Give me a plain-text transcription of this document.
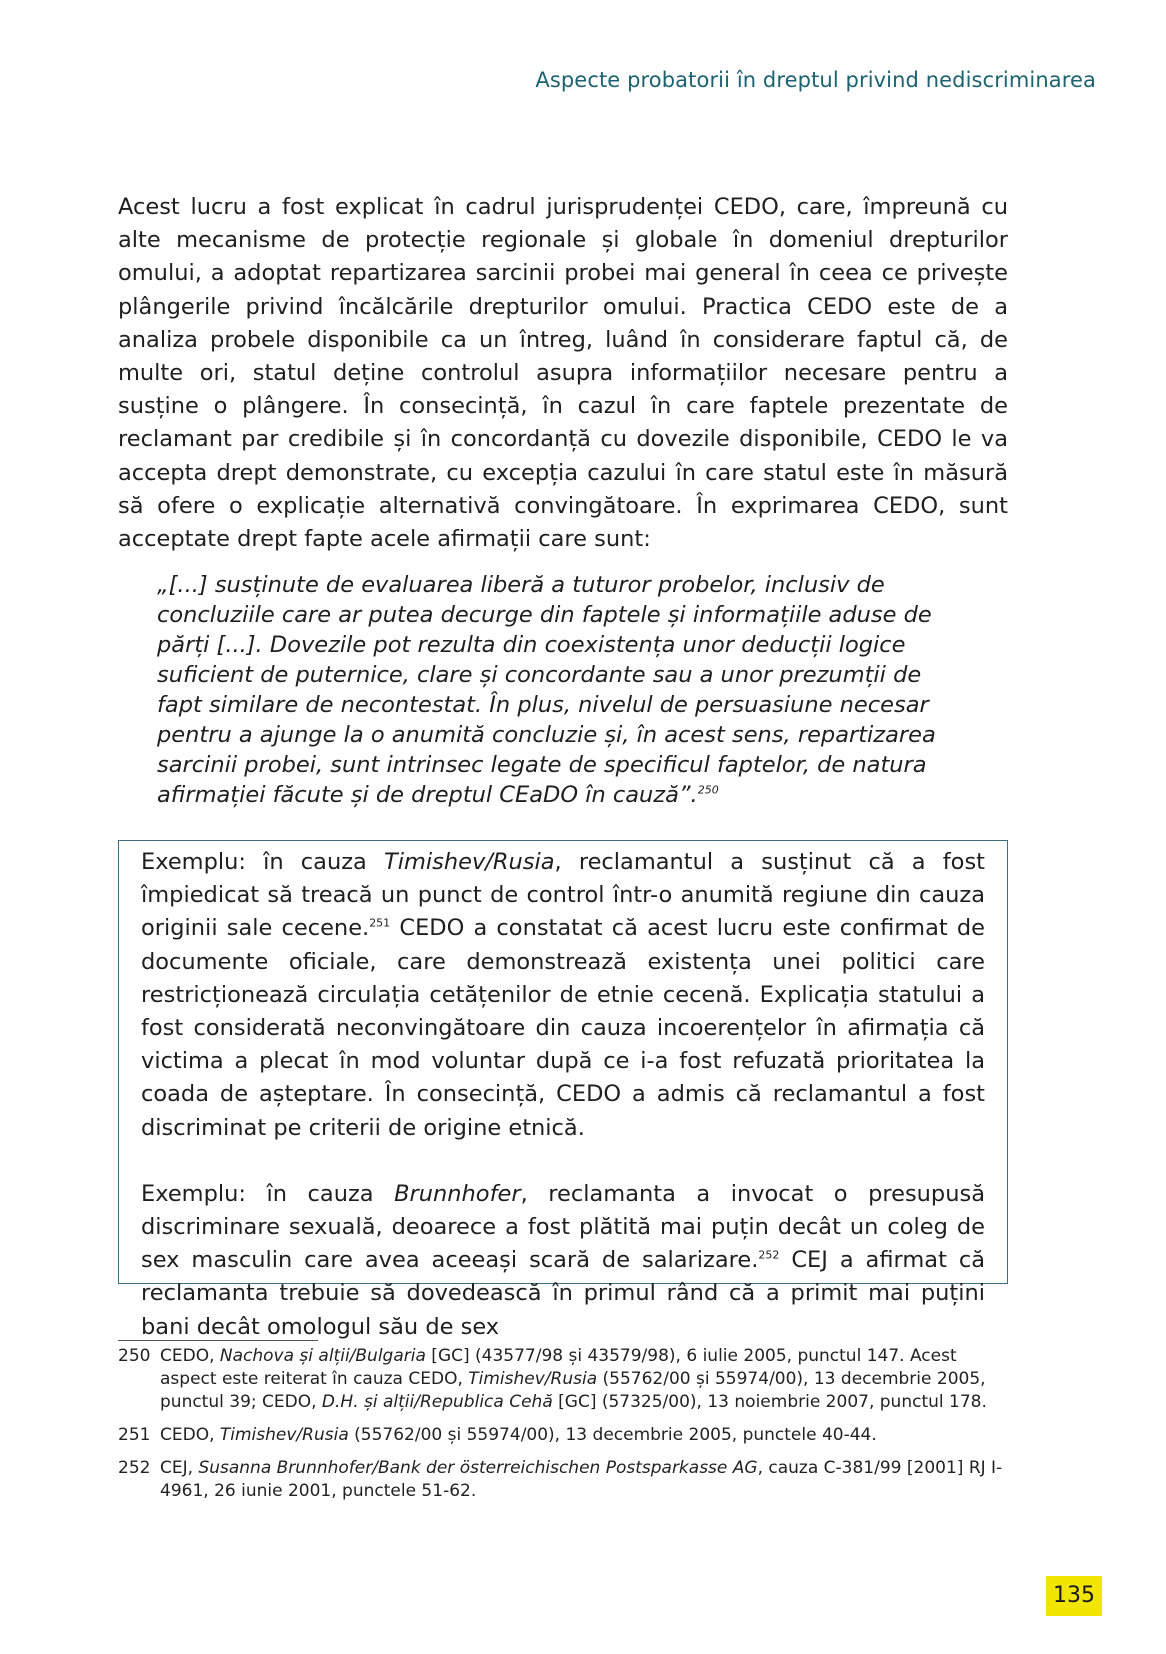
Aspecte probatorii în dreptul privind nediscriminarea

Acest lucru a fost explicat în cadrul jurisprudenței CEDO, care, împreună cu alte mecanisme de protecție regionale și globale în domeniul drepturilor omului, a adoptat repartizarea sarcinii probei mai general în ceea ce privește plângerile privind încălcările drepturilor omului. Practica CEDO este de a analiza probele disponibile ca un întreg, luând în considerare faptul că, de multe ori, statul deține controlul asupra informațiilor necesare pentru a susține o plângere. În consecință, în cazul în care faptele prezentate de reclamant par credibile și în concordanță cu dovezile disponibile, CEDO le va accepta drept demonstrate, cu excepția cazului în care statul este în măsură să ofere o explicație alternativă convingătoare. În exprimarea CEDO, sunt acceptate drept fapte acele afirmații care sunt:

„[...] susținute de evaluarea liberă a tuturor probelor, inclusiv de concluziile care ar putea decurge din faptele și informațiile aduse de părți [...]. Dovezile pot rezulta din coexistența unor deducții logice suficient de puternice, clare și concordante sau a unor prezumții de fapt similare de necontestat. În plus, nivelul de persuasiune necesar pentru a ajunge la o anumită concluzie și, în acest sens, repartizarea sarcinii probei, sunt intrinsec legate de specificul faptelor, de natura afirmației făcute și de dreptul CEaDO în cauză”.$^{250}$

Exemplu: în cauza Timishev/Rusia, reclamantul a susținut că a fost împiedicat să treacă un punct de control într-o anumită regiune din cauza originii sale cecene.$^{251}$ CEDO a constatat că acest lucru este confirmat de documente oficiale, care demonstrează existența unei politici care restricționează circulația cetățenilor de etnie cecenă. Explicația statului a fost considerată neconvingătoare din cauza incoerențelor în afirmația că victima a plecat în mod voluntar după ce i-a fost refuzată prioritatea la coada de așteptare. În consecință, CEDO a admis că reclamantul a fost discriminat pe criterii de origine etnică.

Exemplu: în cauza Brunnhofer, reclamanta a invocat o presupusă discriminare sexuală, deoarece a fost plătită mai puțin decât un coleg de sex masculin care avea aceeași scară de salarizare.$^{252}$ CEJ a afirmat că reclamanta trebuie să dovedească în primul rând că a primit mai puțini bani decât omologul său de sex

250 CEDO, Nachova și alții/Bulgaria [GC] (43577/98 și 43579/98), 6 iulie 2005, punctul 147. Acest aspect este reiterat în cauza CEDO, Timishev/Rusia (55762/00 și 55974/00), 13 decembrie 2005, punctul 39; CEDO, D.H. și alții/Republica Cehă [GC] (57325/00), 13 noiembrie 2007, punctul 178.
251 CEDO, Timishev/Rusia (55762/00 și 55974/00), 13 decembrie 2005, punctele 40-44.
252 CEJ, Susanna Brunnhofer/Bank der österreichischen Postsparkasse AG, cauza C-381/99 [2001] RJ I-4961, 26 iunie 2001, punctele 51-62.
135
